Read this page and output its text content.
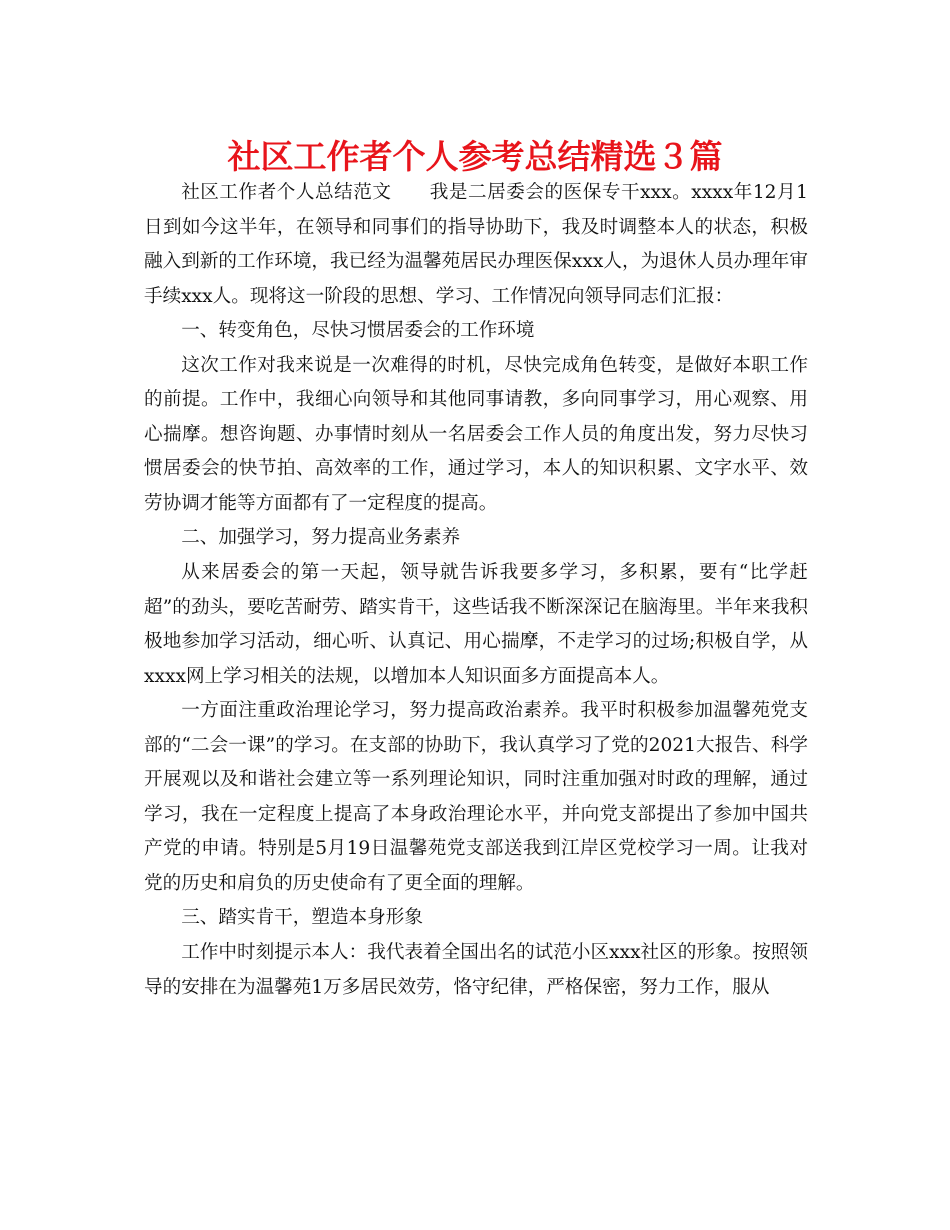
社区工作者个人参考总结精选３篇

社区工作者个人总结范文　　我是二居委会的医保专干xxx。xxxx年12月1日到如今这半年，在领导和同事们的指导协助下，我及时调整本人的状态，积极融入到新的工作环境，我已经为温馨苑居民办理医保xxx人，为退休人员办理年审手续xxx人。现将这一阶段的思想、学习、工作情况向领导同志们汇报：

一、转变角色，尽快习惯居委会的工作环境

这次工作对我来说是一次难得的时机，尽快完成角色转变，是做好本职工作的前提。工作中，我细心向领导和其他同事请教，多向同事学习，用心观察、用心揣摩。想咨询题、办事情时刻从一名居委会工作人员的角度出发，努力尽快习惯居委会的快节拍、高效率的工作，通过学习，本人的知识积累、文字水平、效劳协调才能等方面都有了一定程度的提高。

二、加强学习，努力提高业务素养

从来居委会的第一天起，领导就告诉我要多学习，多积累，要有“比学赶超”的劲头，要吃苦耐劳、踏实肯干，这些话我不断深深记在脑海里。半年来我积极地参加学习活动，细心听、认真记、用心揣摩，不走学习的过场;积极自学，从xxxx网上学习相关的法规，以增加本人知识面多方面提高本人。

一方面注重政治理论学习，努力提高政治素养。我平时积极参加温馨苑党支部的“二会一课”的学习。在支部的协助下，我认真学习了党的2021大报告、科学开展观以及和谐社会建立等一系列理论知识，同时注重加强对时政的理解，通过学习，我在一定程度上提高了本身政治理论水平，并向党支部提出了参加中国共产党的申请。特别是5月19日温馨苑党支部送我到江岸区党校学习一周。让我对党的历史和肩负的历史使命有了更全面的理解。

三、踏实肯干，塑造本身形象

工作中时刻提示本人：我代表着全国出名的试范小区xxx社区的形象。按照领导的安排在为温馨苑1万多居民效劳，恪守纪律，严格保密，努力工作，服从
